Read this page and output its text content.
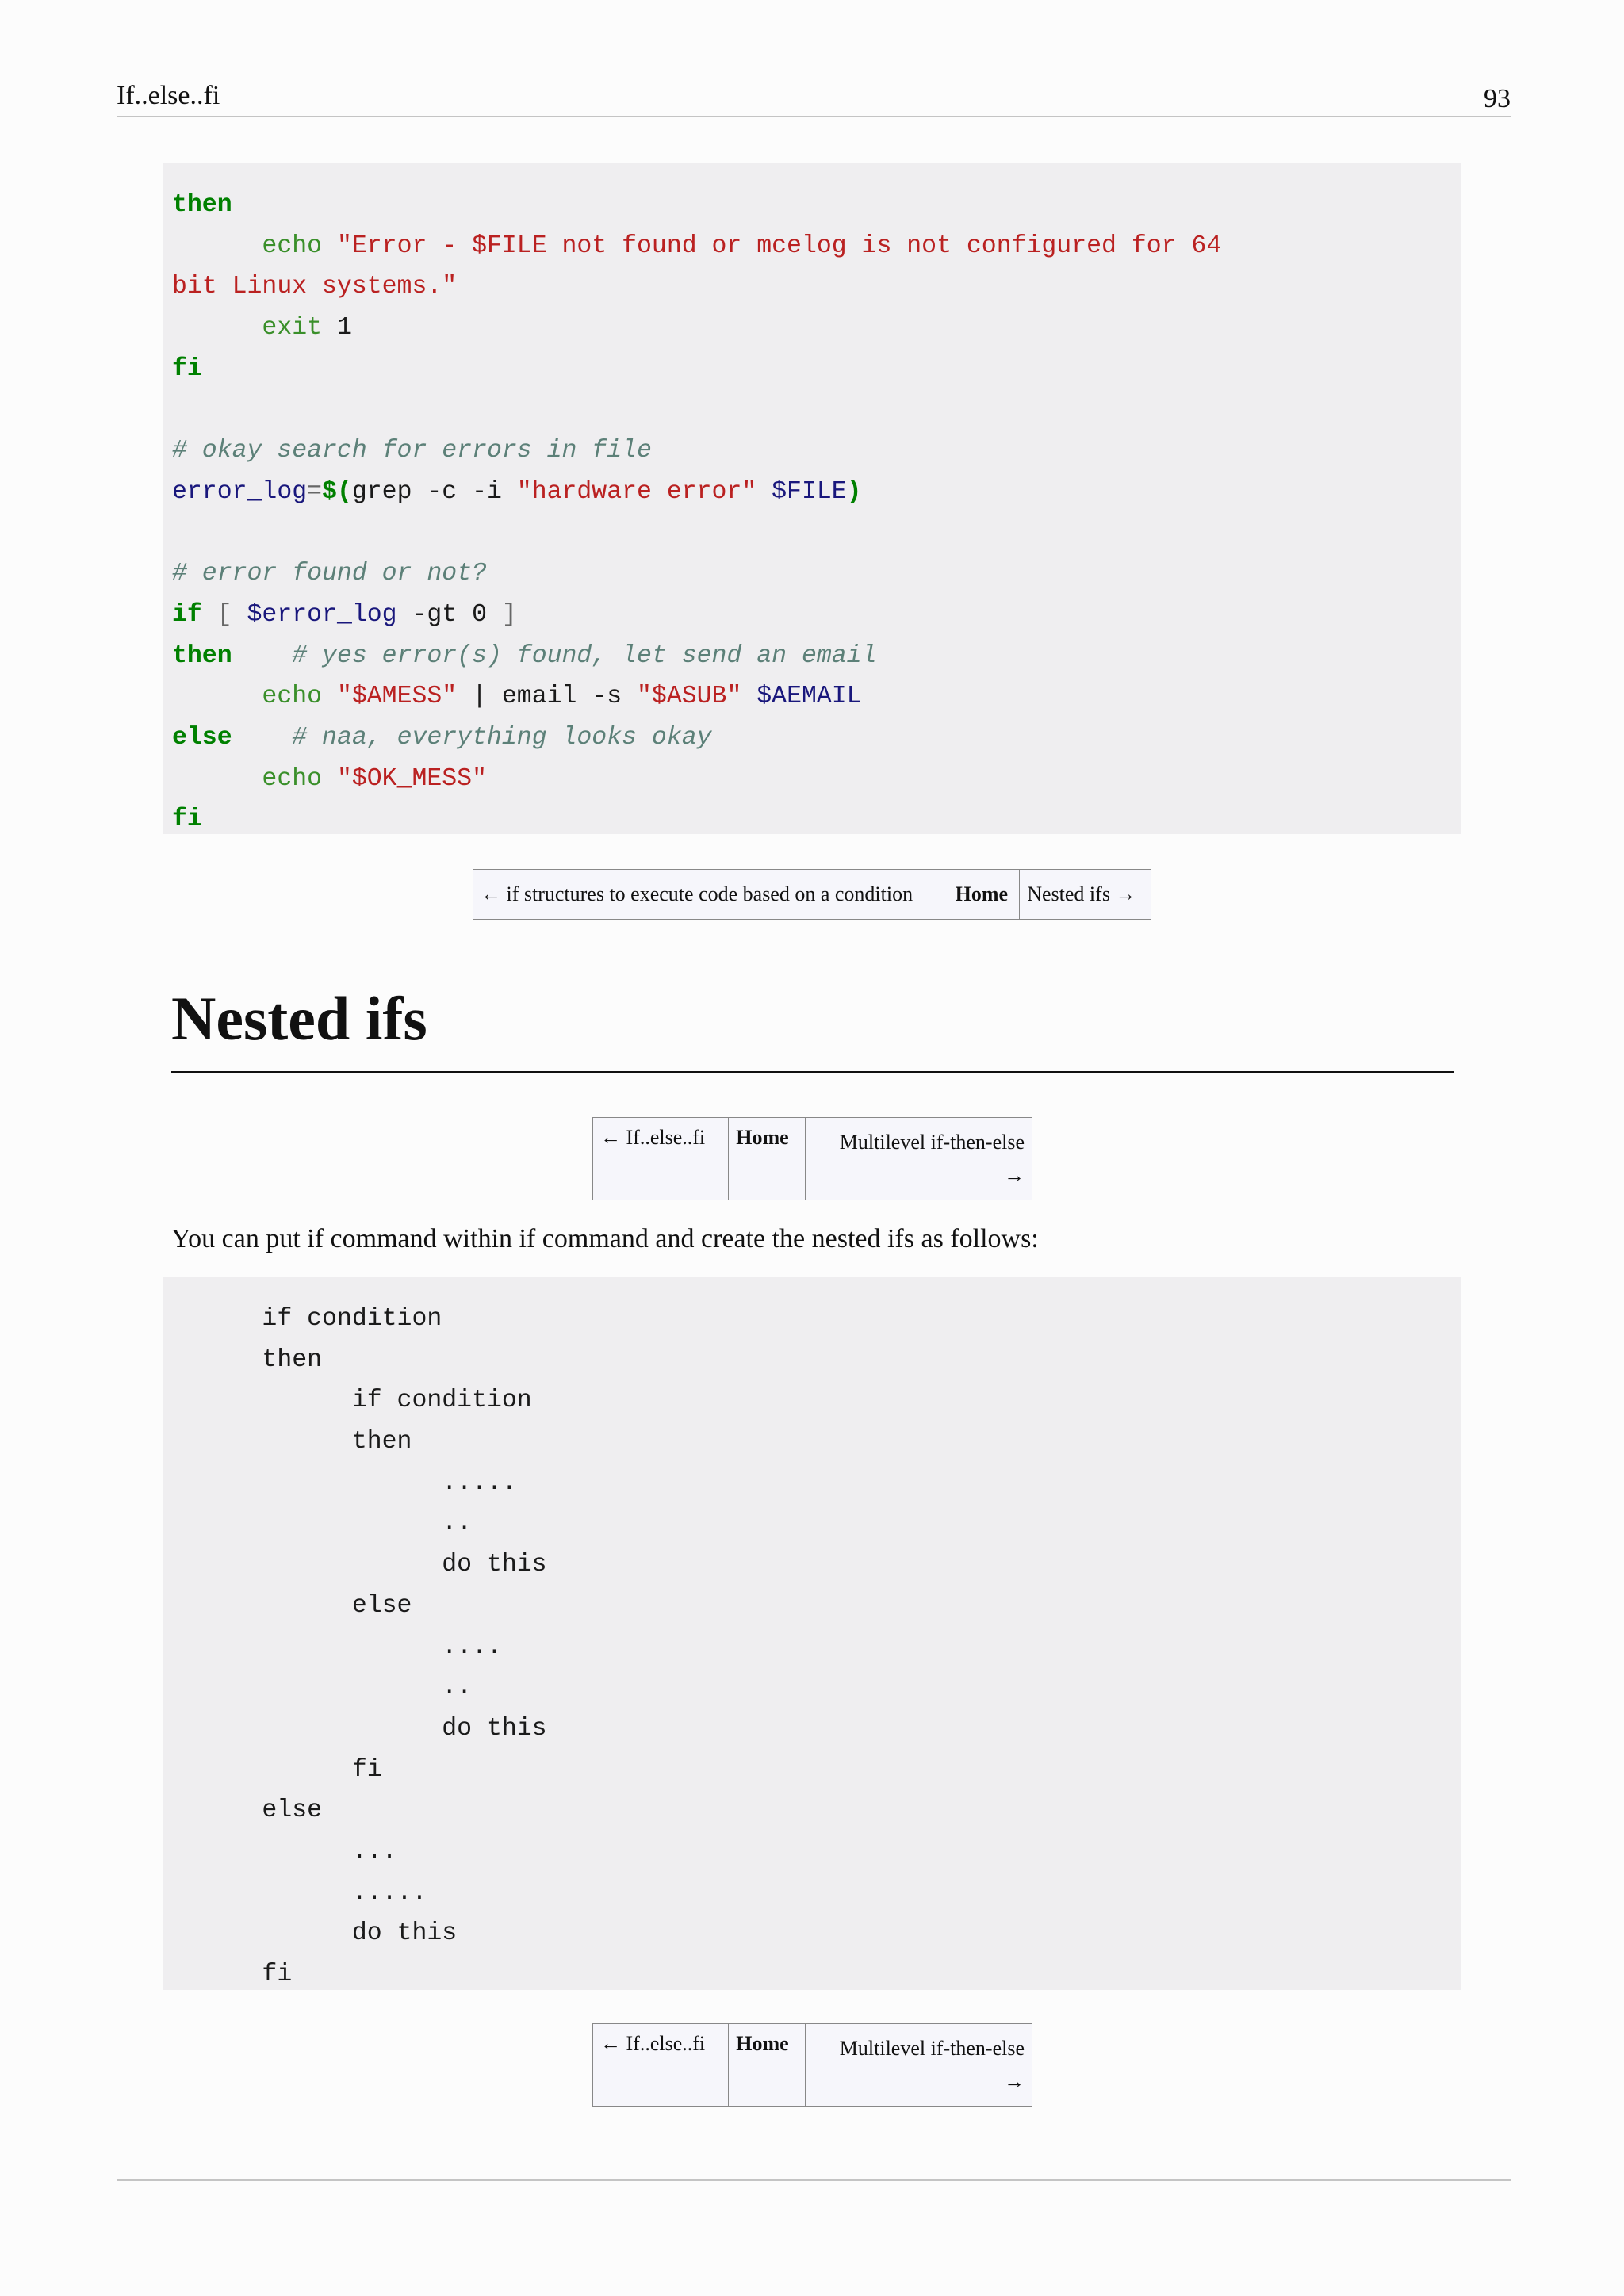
If..else..fi	93
then
echo "Error - $FILE not found or mcelog is not configured for 64
bit Linux systems."
exit 1
fi

# okay search for errors in file
error_log=$(grep -c -i "hardware error" $FILE)

# error found or not?
if [ $error_log -gt 0 ]
then # yes error(s) found, let send an email
echo "$AMESS" | email -s "$ASUB" $AEMAIL
else # naa, everything looks okay
echo "$OK_MESS"
fi
← if structures to execute code based on a condition	Home	Nested ifs →
Nested ifs
← If..else..fi	Home	Multilevel if-then-else
→
You can put if command within if command and create the nested ifs as follows:
if condition
then
if condition
then
.....
..
do this
else
....
..
do this
fi
else
...
.....
do this
fi
← If..else..fi	Home	Multilevel if-then-else
→
